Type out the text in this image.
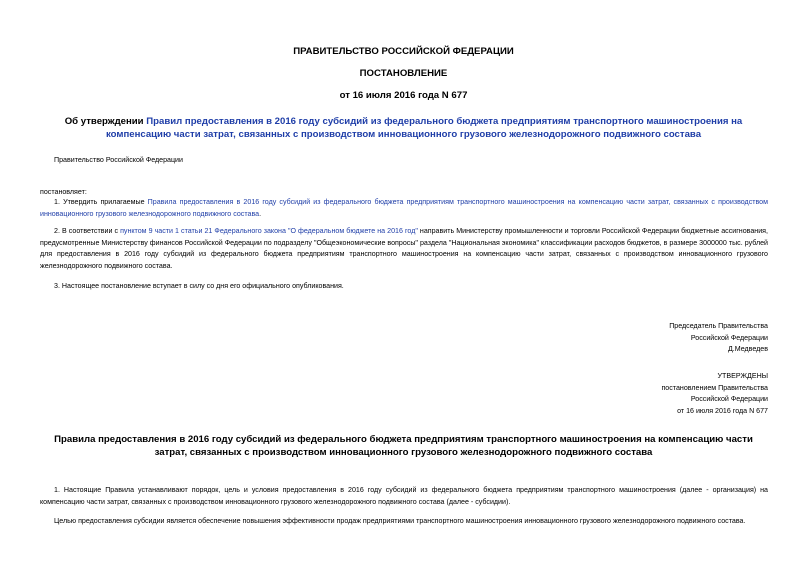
ПРАВИТЕЛЬСТВО РОССИЙСКОЙ ФЕДЕРАЦИИ
ПОСТАНОВЛЕНИЕ
от 16 июля 2016 года N 677
Об утверждении Правил предоставления в 2016 году субсидий из федерального бюджета предприятиям транспортного машиностроения на компенсацию части затрат, связанных с производством инновационного грузового железнодорожного подвижного состава
Правительство Российской Федерации
постановляет:
1. Утвердить прилагаемые Правила предоставления в 2016 году субсидий из федерального бюджета предприятиям транспортного машиностроения на компенсацию части затрат, связанных с производством инновационного грузового железнодорожного подвижного состава.
2. В соответствии с пунктом 9 части 1 статьи 21 Федерального закона "О федеральном бюджете на 2016 год" направить Министерству промышленности и торговли Российской Федерации бюджетные ассигнования, предусмотренные Министерству финансов Российской Федерации по подразделу "Общеэкономические вопросы" раздела "Национальная экономика" классификации расходов бюджетов, в размере 3000000 тыс. рублей для предоставления в 2016 году субсидий из федерального бюджета предприятиям транспортного машиностроения на компенсацию части затрат, связанных с производством инновационного грузового железнодорожного подвижного состава.
3. Настоящее постановление вступает в силу со дня его официального опубликования.
Председатель Правительства
Российской Федерации
Д.Медведев
УТВЕРЖДЕНЫ
постановлением Правительства
Российской Федерации
от 16 июля 2016 года N 677
Правила предоставления в 2016 году субсидий из федерального бюджета предприятиям транспортного машиностроения на компенсацию части затрат, связанных с производством инновационного грузового железнодорожного подвижного состава
1. Настоящие Правила устанавливают порядок, цель и условия предоставления в 2016 году субсидий из федерального бюджета предприятиям транспортного машиностроения (далее - организация) на компенсацию части затрат, связанных с производством инновационного грузового железнодорожного подвижного состава (далее - субсидии).
Целью предоставления субсидии является обеспечение повышения эффективности продаж предприятиями транспортного машиностроения инновационного грузового железнодорожного подвижного состава.
